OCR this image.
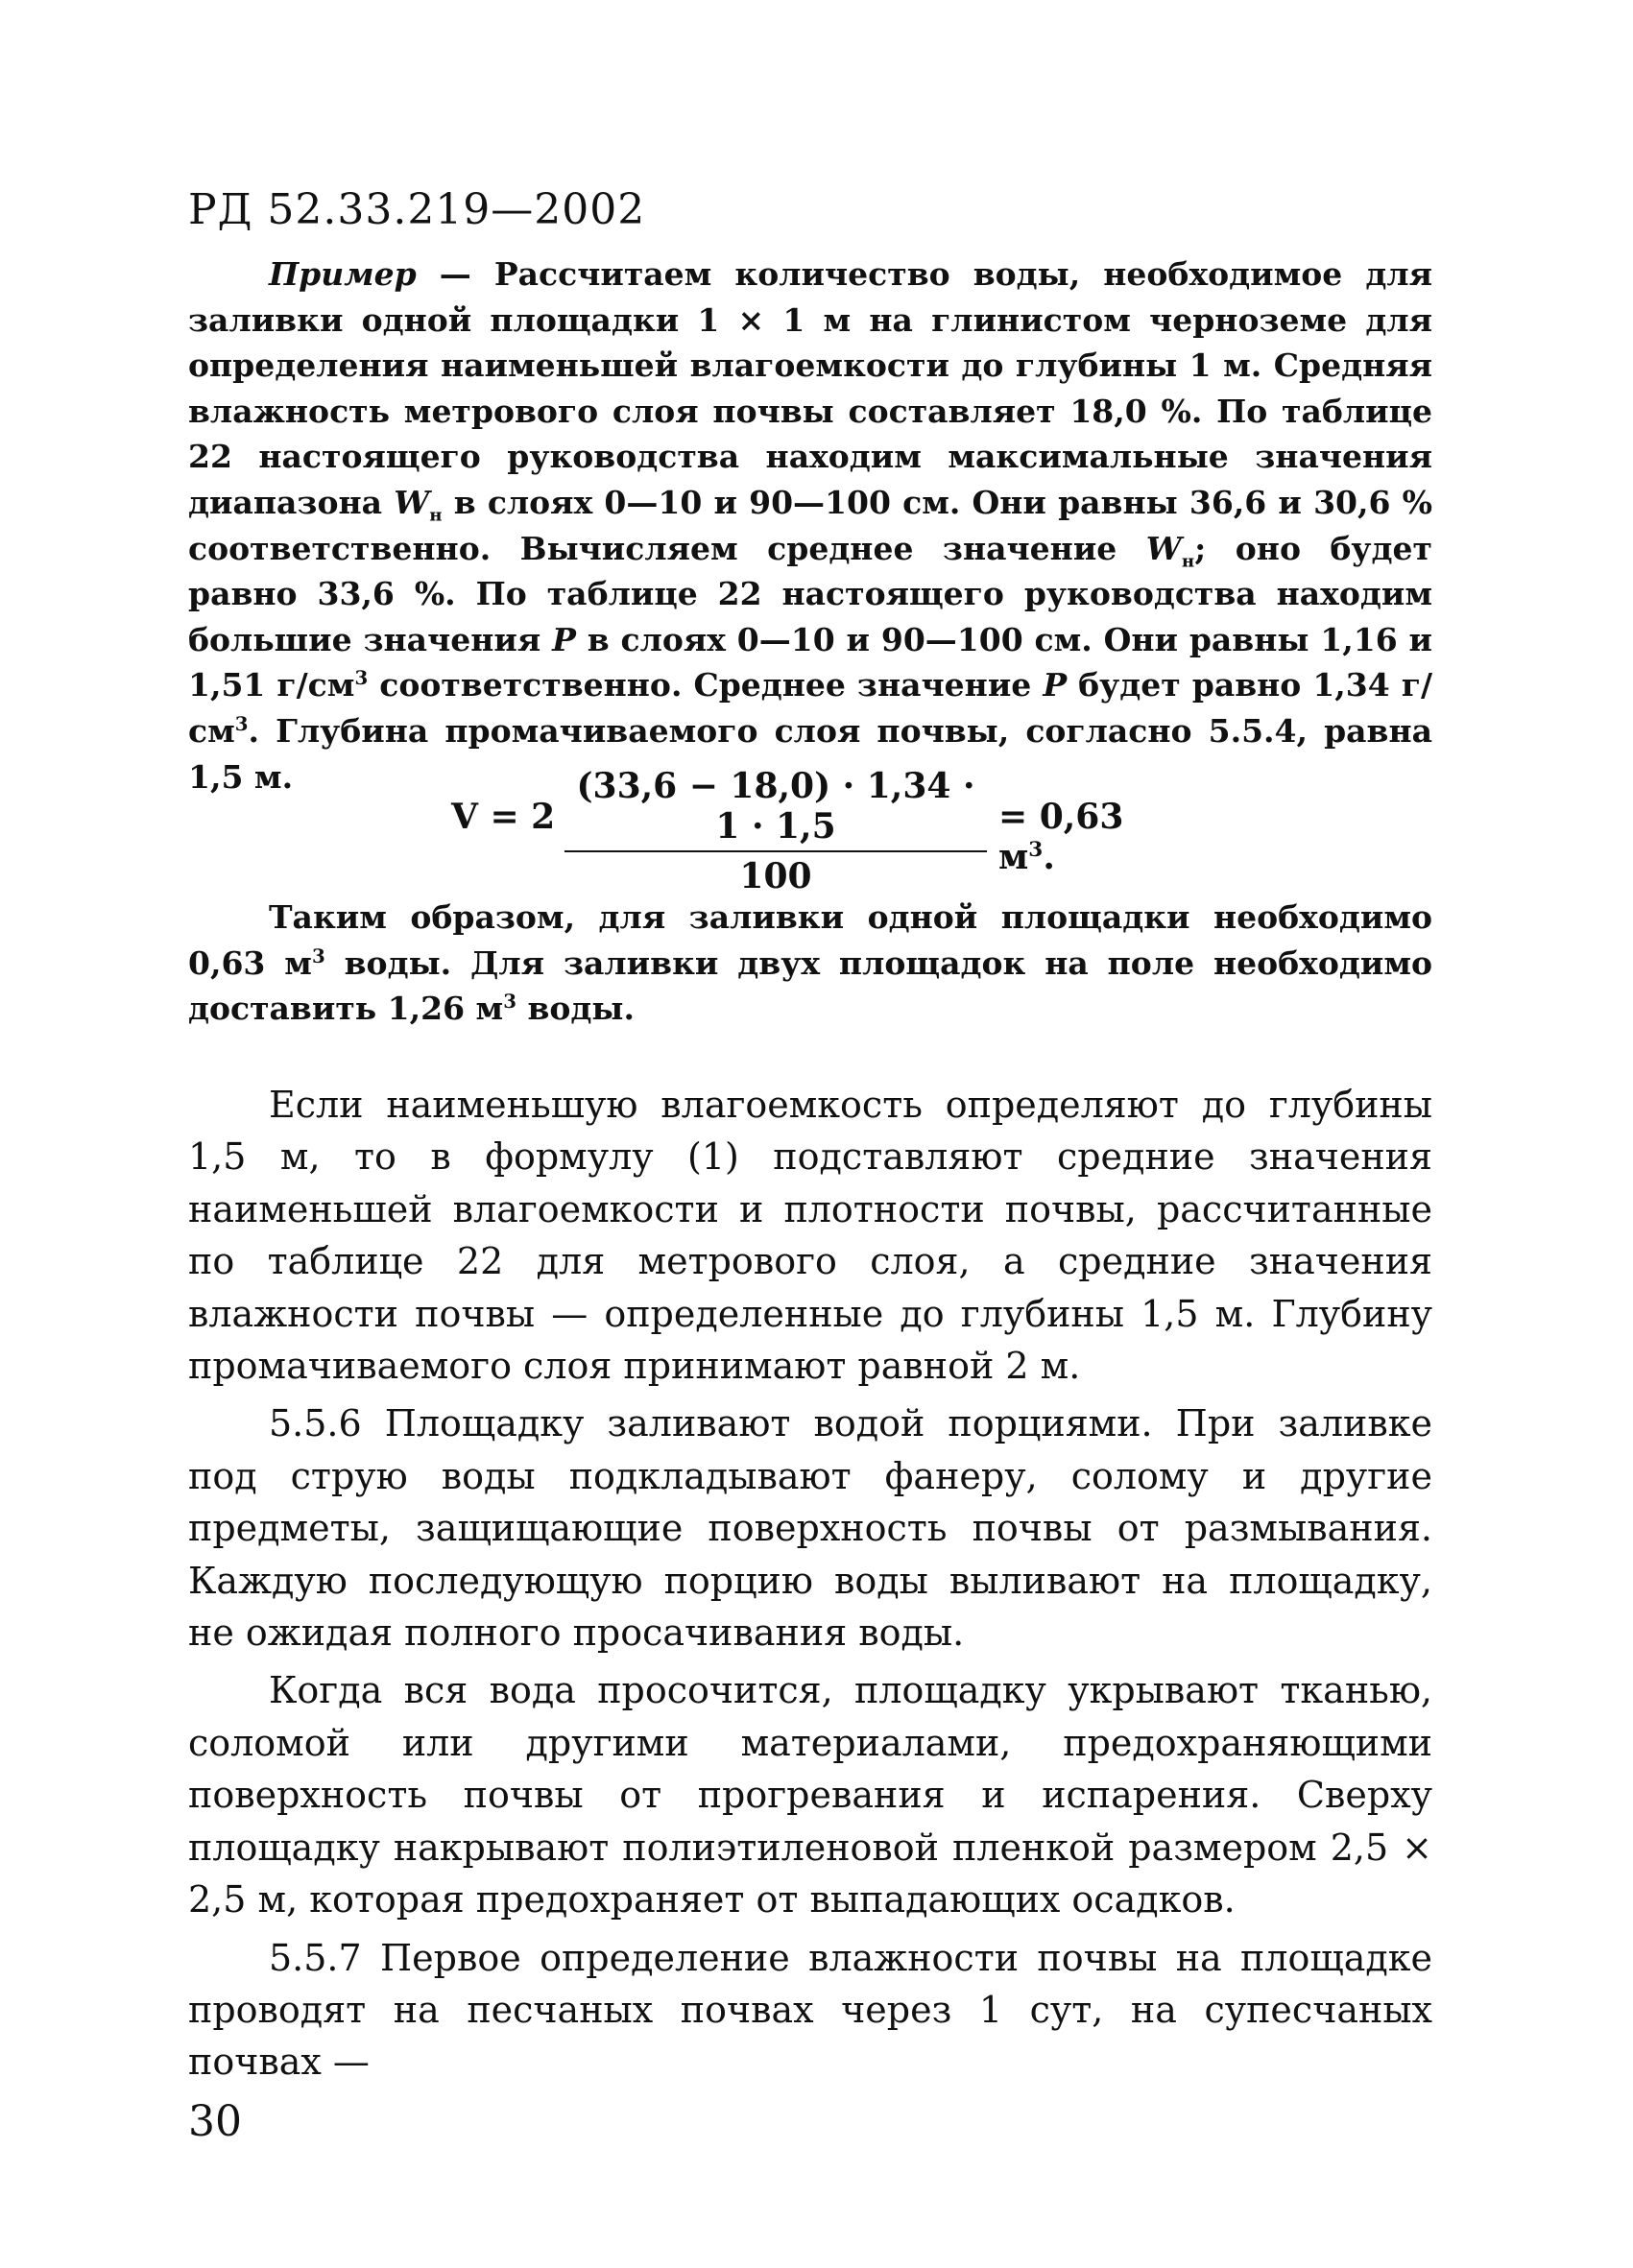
РД 52.33.219—2002

Пример — Рассчитаем количество воды, необходимое для заливки одной площадки 1 × 1 м на глинистом черноземе для определения наименьшей влагоемкости до глубины 1 м. Средняя влажность метрового слоя почвы составляет 18,0 %. По таблице 22 настоящего руководства находим максимальные значения диапазона $W_н$ в слоях 0—10 и 90—100 см. Они равны 36,6 и 30,6 % соответственно. Вычисляем среднее значение $W_н$; оно будет равно 33,6 %. По таблице 22 настоящего руководства находим большие значения P в слоях 0—10 и 90—100 см. Они равны 1,16 и 1,51 $г/см^3$ соответственно. Среднее значение P будет равно 1,34 $г/см^3$. Глубина промачиваемого слоя почвы, согласно 5.5.4, равна 1,5 м.

$V = 2 \frac{(33,6 - 18,0) \cdot 1,34 \cdot 1 \cdot 1,5}{100} = 0,63$ $м^3$.

Таким образом, для заливки одной площадки необходимо 0,63 $м^3$ воды. Для заливки двух площадок на поле необходимо доставить 1,26 $м^3$ воды.

Если наименьшую влагоемкость определяют до глубины 1,5 м, то в формулу (1) подставляют средние значения наименьшей влагоемкости и плотности почвы, рассчитанные по таблице 22 для метрового слоя, а средние значения влажности почвы — определенные до глубины 1,5 м. Глубину промачиваемого слоя принимают равной 2 м.

5.5.6 Площадку заливают водой порциями. При заливке под струю воды подкладывают фанеру, солому и другие предметы, защищающие поверхность почвы от размывания. Каждую последующую порцию воды выливают на площадку, не ожидая полного просачивания воды.

Когда вся вода просочится, площадку укрывают тканью, соломой или другими материалами, предохраняющими поверхность почвы от прогревания и испарения. Сверху площадку накрывают полиэтиленовой пленкой размером 2,5 × 2,5 м, которая предохраняет от выпадающих осадков.

5.5.7 Первое определение влажности почвы на площадке проводят на песчаных почвах через 1 сут, на супесчаных почвах —

30
